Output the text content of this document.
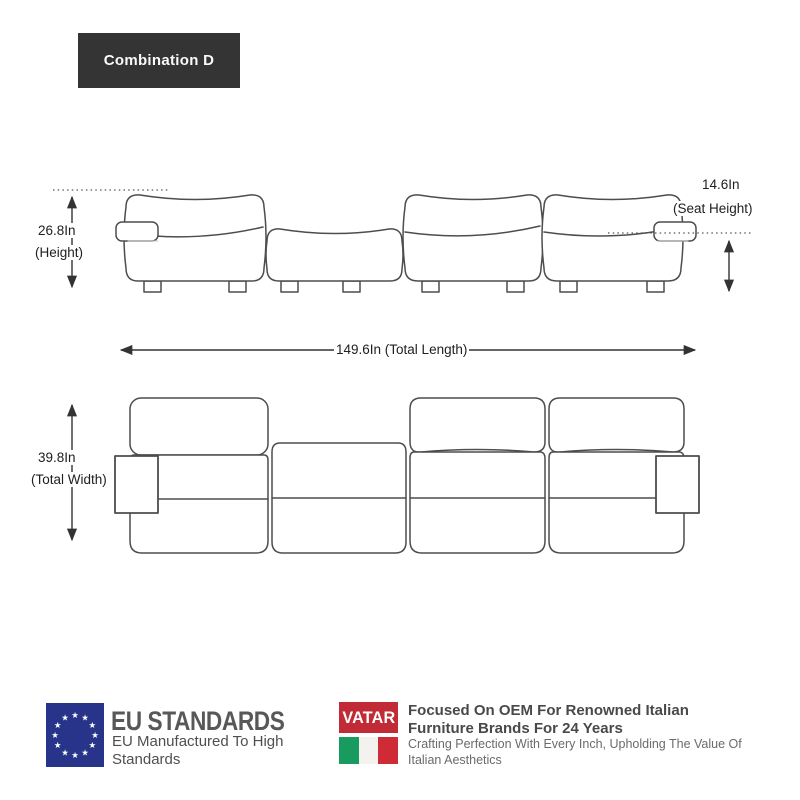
Combination D
26.8In
(Height)
14.6In
(Seat Height)
149.6In (Total Length)
39.8In
(Total Width)
★ ★
★
★
★
★
★
★
★
★
★
★ EU STANDARDS
EU Manufactured To High Standards
VATAR Focused On OEM For Renowned Italian Furniture Brands For 24 Years
Crafting Perfection With Every Inch, Upholding The Value Of Italian Aesthetics
